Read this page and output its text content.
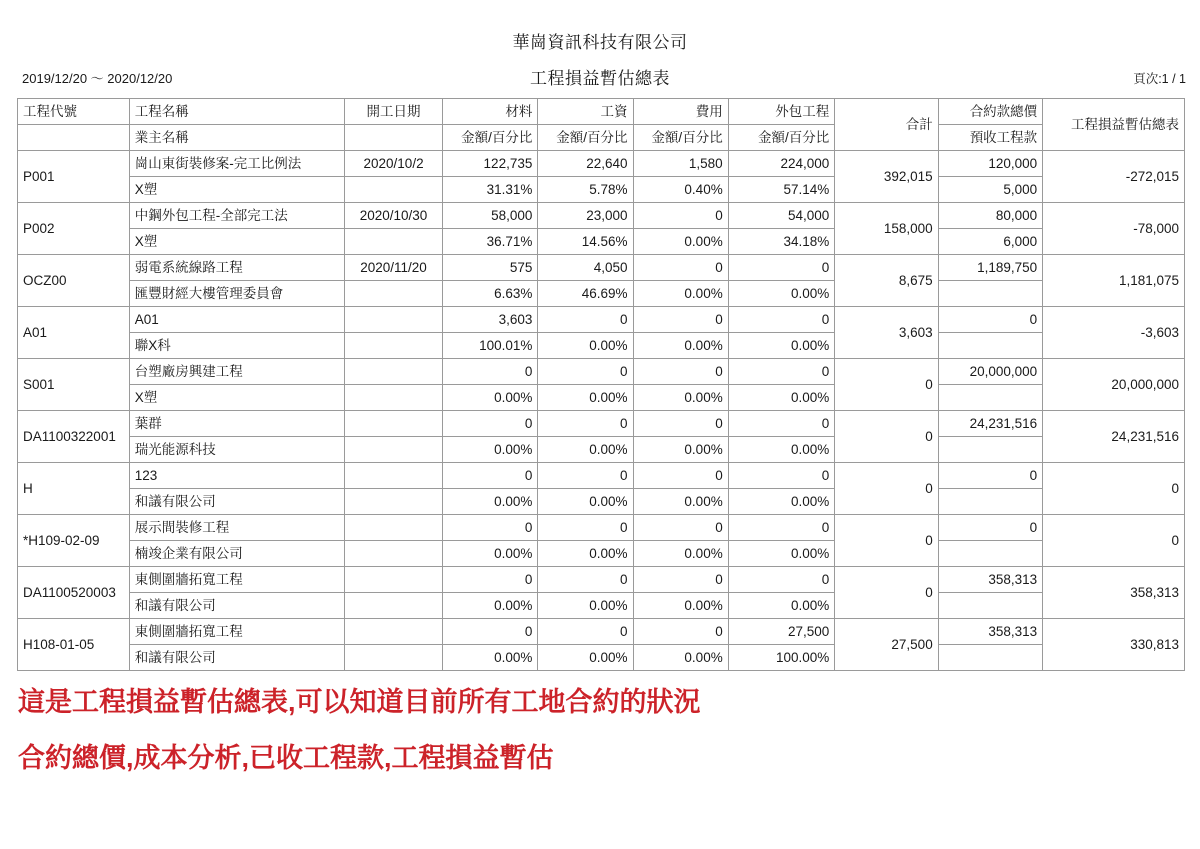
華崗資訊科技有限公司
工程損益暫估總表
2019/12/20 ～ 2020/12/20	頁次:1 / 1
工程代號	工程名稱	開工日期	材料	工資	費用	外包工程	合計	合約款總價	工程損益暫估總表
	業主名稱		金額/百分比	金額/百分比	金額/百分比	金額/百分比		預收工程款	
P001	崗山東街裝修案-完工比例法	2020/10/2	122,735	22,640	1,580	224,000	392,015	120,000	-272,015
	X塑		31.31%	5.78%	0.40%	57.14%		5,000	
P002	中鋼外包工程-全部完工法	2020/10/30	58,000	23,000	0	54,000	158,000	80,000	-78,000
	X塑		36.71%	14.56%	0.00%	34.18%		6,000	
OCZ00	弱電系統線路工程	2020/11/20	575	4,050	0	0	8,675	1,189,750	1,181,075
	匯豐財經大樓管理委員會		6.63%	46.69%	0.00%	0.00%			
A01	A01		3,603	0	0	0	3,603	0	-3,603
	聯X科		100.01%	0.00%	0.00%	0.00%			
S001	台塑廠房興建工程		0	0	0	0	0	20,000,000	20,000,000
	X塑		0.00%	0.00%	0.00%	0.00%			
DA1100322001	葉群		0	0	0	0	0	24,231,516	24,231,516
	瑞光能源科技		0.00%	0.00%	0.00%	0.00%			
H	123		0	0	0	0	0	0	0
	和議有限公司		0.00%	0.00%	0.00%	0.00%			
*H109-02-09	展示間裝修工程		0	0	0	0	0	0	0
	楠竣企業有限公司		0.00%	0.00%	0.00%	0.00%			
DA1100520003	東側圍牆拓寬工程		0	0	0	0	0	358,313	358,313
	和議有限公司		0.00%	0.00%	0.00%	0.00%			
H108-01-05	東側圍牆拓寬工程		0	0	0	27,500	27,500	358,313	330,813
	和議有限公司		0.00%	0.00%	0.00%	100.00%			
這是工程損益暫估總表,可以知道目前所有工地合約的狀況
合約總價,成本分析,已收工程款,工程損益暫估
